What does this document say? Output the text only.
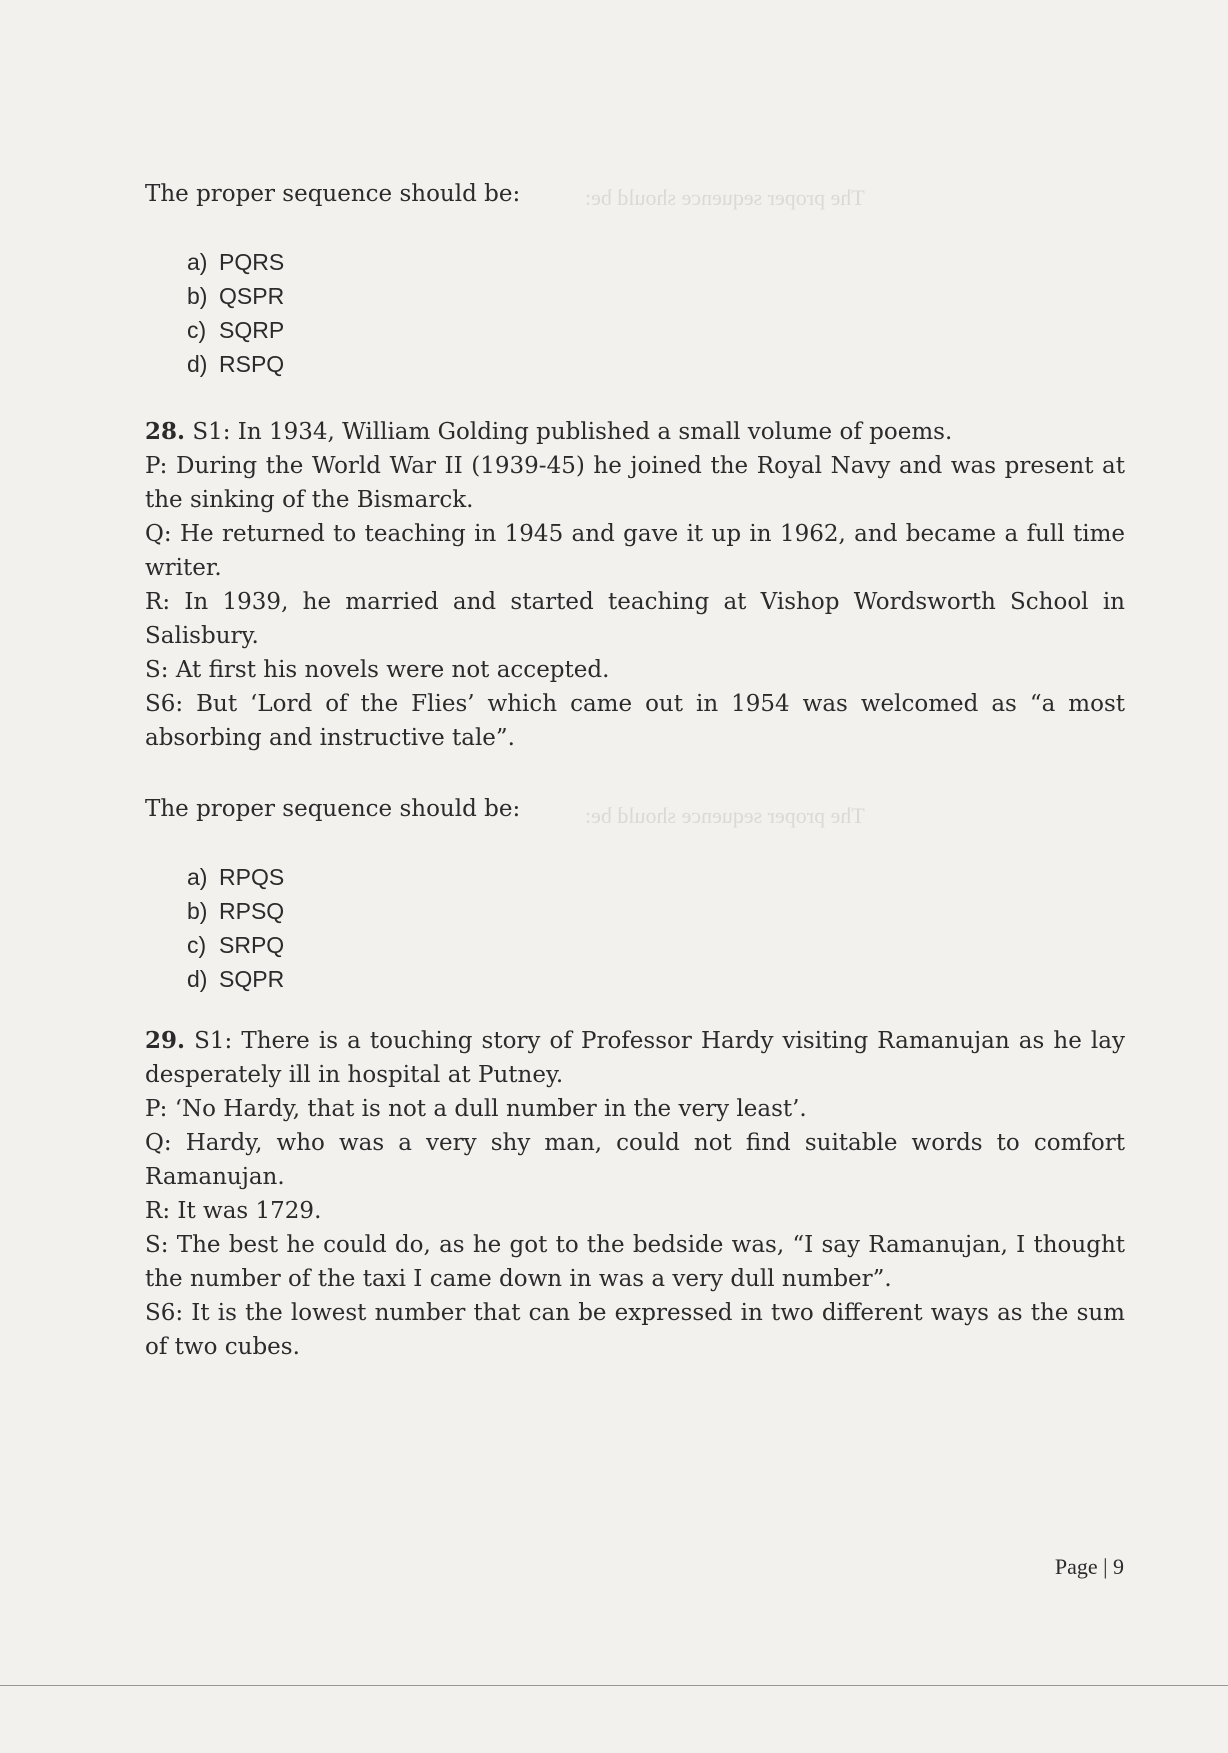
The proper sequence should be:
The proper sequence should be:

The proper sequence should be:

a) PQRS
b) QSPR
c) SQRP
d) RSPQ

28. S1: In 1934, William Golding published a small volume of poems.

P: During the World War II (1939-45) he joined the Royal Navy and was present at the sinking of the Bismarck.

Q: He returned to teaching in 1945 and gave it up in 1962, and became a full time writer.

R: In 1939, he married and started teaching at Vishop Wordsworth School in Salisbury.

S: At first his novels were not accepted.

S6: But ‘Lord of the Flies’ which came out in 1954 was welcomed as “a most absorbing and instructive tale”.

The proper sequence should be:

a) RPQS
b) RPSQ
c) SRPQ
d) SQPR

29. S1: There is a touching story of Professor Hardy visiting Ramanujan as he lay desperately ill in hospital at Putney.

P: ‘No Hardy, that is not a dull number in the very least’.

Q: Hardy, who was a very shy man, could not find suitable words to comfort Ramanujan.

R: It was 1729.

S: The best he could do, as he got to the bedside was, “I say Ramanujan, I thought the number of the taxi I came down in was a very dull number”.

S6: It is the lowest number that can be expressed in two different ways as the sum of two cubes.

Page | 9
